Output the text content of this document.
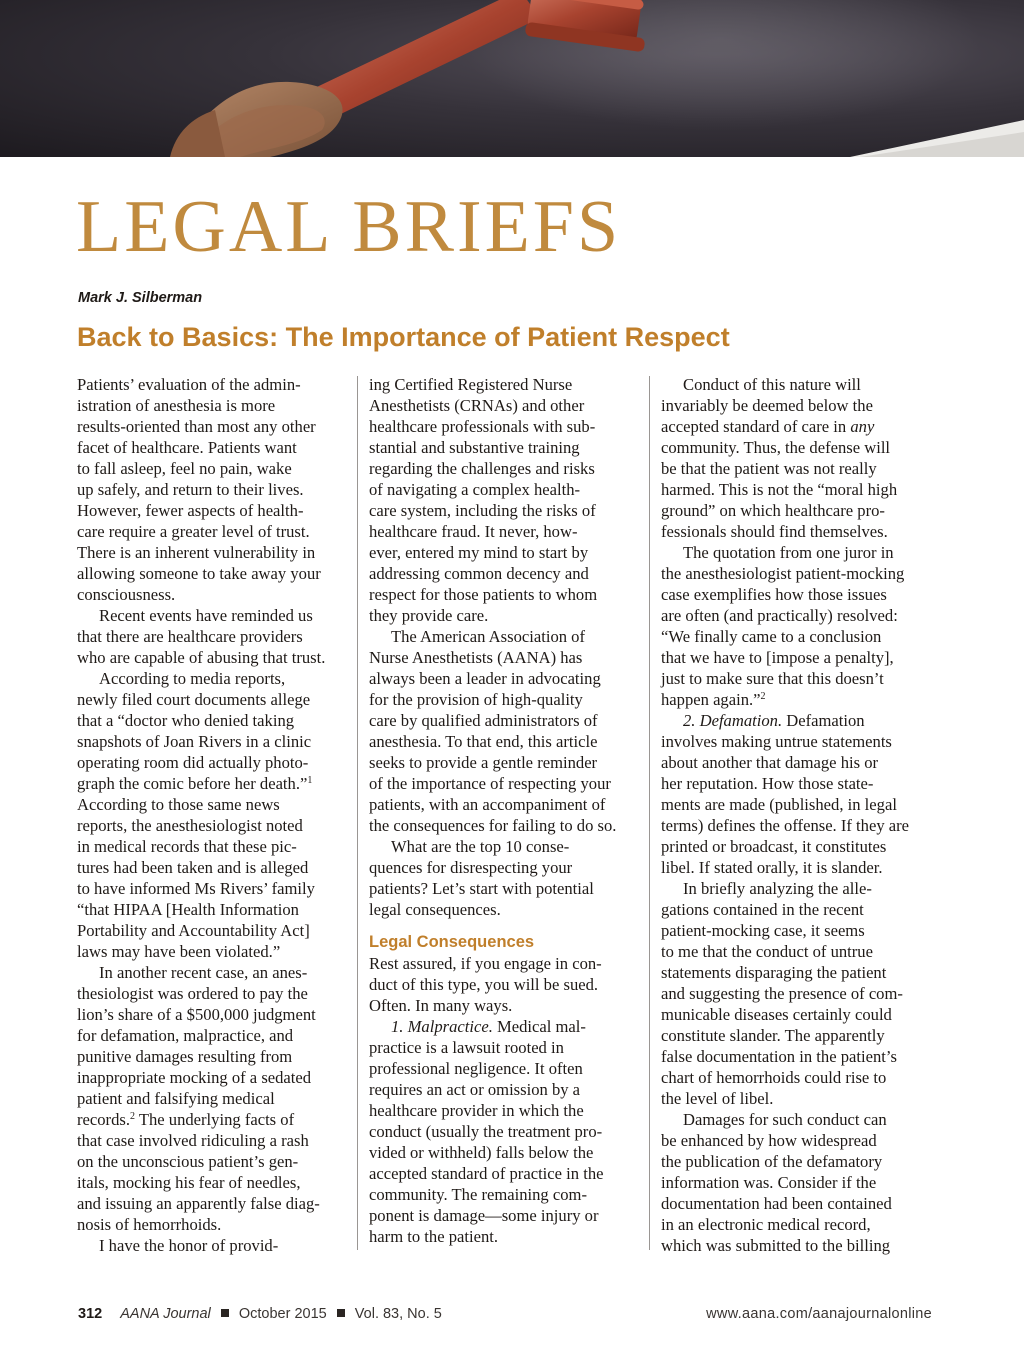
LEGAL BRIEFS
Mark J. Silberman
Back to Basics: The Importance of Patient Respect
Patients’ evaluation of the admin-
istration of anesthesia is more
results-oriented than most any other
facet of healthcare. Patients want
to fall asleep, feel no pain, wake
up safely, and return to their lives.
However, fewer aspects of health-
care require a greater level of trust.
There is an inherent vulnerability in
allowing someone to take away your
consciousness.
Recent events have reminded us
that there are healthcare providers
who are capable of abusing that trust.
According to media reports,
newly filed court documents allege
that a “doctor who denied taking
snapshots of Joan Rivers in a clinic
operating room did actually photo-
graph the comic before her death.”$^1$
According to those same news
reports, the anesthesiologist noted
in medical records that these pic-
tures had been taken and is alleged
to have informed Ms Rivers’ family
“that HIPAA [Health Information
Portability and Accountability Act]
laws may have been violated.”
In another recent case, an anes-
thesiologist was ordered to pay the
lion’s share of a $500,000 judgment
for defamation, malpractice, and
punitive damages resulting from
inappropriate mocking of a sedated
patient and falsifying medical
records.$^2$ The underlying facts of
that case involved ridiculing a rash
on the unconscious patient’s gen-
itals, mocking his fear of needles,
and issuing an apparently false diag-
nosis of hemorrhoids.
I have the honor of provid-
ing Certified Registered Nurse
Anesthetists (CRNAs) and other
healthcare professionals with sub-
stantial and substantive training
regarding the challenges and risks
of navigating a complex health-
care system, including the risks of
healthcare fraud. It never, how-
ever, entered my mind to start by
addressing common decency and
respect for those patients to whom
they provide care.
The American Association of
Nurse Anesthetists (AANA) has
always been a leader in advocating
for the provision of high-quality
care by qualified administrators of
anesthesia. To that end, this article
seeks to provide a gentle reminder
of the importance of respecting your
patients, with an accompaniment of
the consequences for failing to do so.
What are the top 10 conse-
quences for disrespecting your
patients? Let’s start with potential
legal consequences.
Legal Consequences
Rest assured, if you engage in con-
duct of this type, you will be sued.
Often. In many ways.
1. Malpractice. Medical mal-
practice is a lawsuit rooted in
professional negligence. It often
requires an act or omission by a
healthcare provider in which the
conduct (usually the treatment pro-
vided or withheld) falls below the
accepted standard of practice in the
community. The remaining com-
ponent is damage—some injury or
harm to the patient.
Conduct of this nature will
invariably be deemed below the
accepted standard of care in any
community. Thus, the defense will
be that the patient was not really
harmed. This is not the “moral high
ground” on which healthcare pro-
fessionals should find themselves.
The quotation from one juror in
the anesthesiologist patient-mocking
case exemplifies how those issues
are often (and practically) resolved:
“We finally came to a conclusion
that we have to [impose a penalty],
just to make sure that this doesn’t
happen again.”$^2$
2. Defamation. Defamation
involves making untrue statements
about another that damage his or
her reputation. How those state-
ments are made (published, in legal
terms) defines the offense. If they are
printed or broadcast, it constitutes
libel. If stated orally, it is slander.
In briefly analyzing the alle-
gations contained in the recent
patient-mocking case, it seems
to me that the conduct of untrue
statements disparaging the patient
and suggesting the presence of com-
municable diseases certainly could
constitute slander. The apparently
false documentation in the patient’s
chart of hemorrhoids could rise to
the level of libel.
Damages for such conduct can
be enhanced by how widespread
the publication of the defamatory
information was. Consider if the
documentation had been contained
in an electronic medical record,
which was submitted to the billing
312 AANA Journal October 2015 Vol. 83, No. 5	www.aana.com/aanajournalonline
